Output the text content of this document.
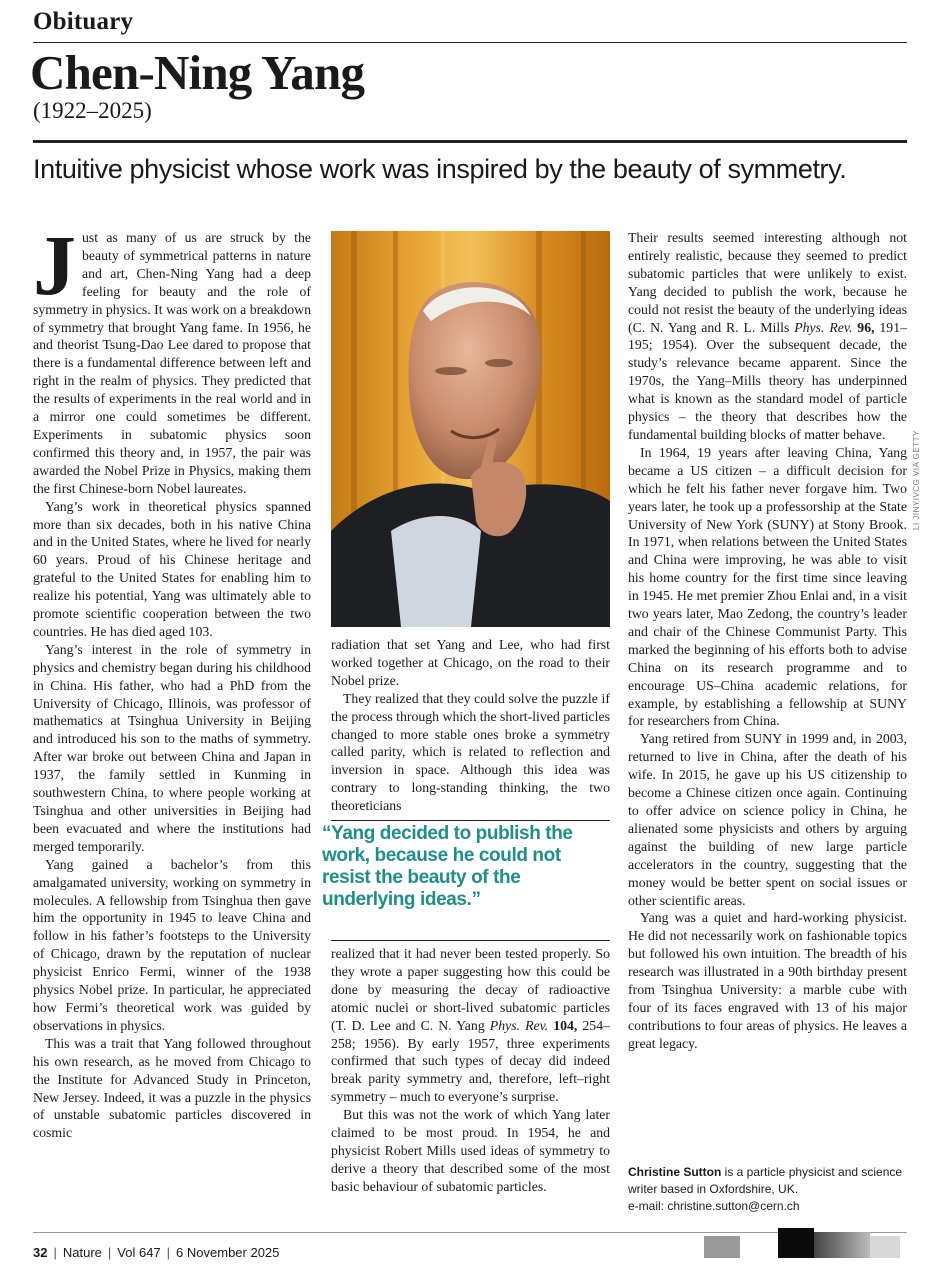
Obituary
Chen-Ning Yang
(1922–2025)
Intuitive physicist whose work was inspired by the beauty of symmetry.

Just as many of us are struck by the beauty of symmetrical patterns in nature and art, Chen-Ning Yang had a deep feeling for beauty and the role of symmetry in physics. It was work on a breakdown of symmetry that brought Yang fame. In 1956, he and theorist Tsung-Dao Lee dared to propose that there is a fundamental difference between left and right in the realm of physics. They predicted that the results of experiments in the real world and in a mirror one could sometimes be different. Experiments in subatomic physics soon confirmed this theory and, in 1957, the pair was awarded the Nobel Prize in Physics, making them the first Chinese-born Nobel laureates.

Yang’s work in theoretical physics spanned more than six decades, both in his native China and in the United States, where he lived for nearly 60 years. Proud of his Chinese heritage and grateful to the United States for enabling him to realize his potential, Yang was ultimately able to promote scientific cooperation between the two countries. He has died aged 103.

Yang’s interest in the role of symmetry in physics and chemistry began during his childhood in China. His father, who had a PhD from the University of Chicago, Illinois, was professor of mathematics at Tsinghua University in Beijing and introduced his son to the maths of symmetry. After war broke out between China and Japan in 1937, the family settled in Kunming in southwestern China, to where people working at Tsinghua and other universities in Beijing had been evacuated and where the institutions had merged temporarily.

Yang gained a bachelor’s from this amalgamated university, working on symmetry in molecules. A fellowship from Tsinghua then gave him the opportunity in 1945 to leave China and follow in his father’s footsteps to the University of Chicago, drawn by the reputation of nuclear physicist Enrico Fermi, winner of the 1938 physics Nobel prize. In particular, he appreciated how Fermi’s theoretical work was guided by observations in physics.

This was a trait that Yang followed throughout his own research, as he moved from Chicago to the Institute for Advanced Study in Princeton, New Jersey. Indeed, it was a puzzle in the physics of unstable subatomic particles discovered in cosmic

LI JINYIVCG VIA GETTY

radiation that set Yang and Lee, who had first worked together at Chicago, on the road to their Nobel prize.

They realized that they could solve the puzzle if the process through which the short-lived particles changed to more stable ones broke a symmetry called parity, which is related to reflection and inversion in space. Although this idea was contrary to long-standing thinking, the two theoreticians

“Yang decided to publish the work, because he could not resist the beauty of the underlying ideas.”

realized that it had never been tested properly. So they wrote a paper suggesting how this could be done by measuring the decay of radioactive atomic nuclei or short-lived subatomic particles (T. D. Lee and C. N. Yang Phys. Rev. 104, 254–258; 1956). By early 1957, three experiments confirmed that such types of decay did indeed break parity symmetry and, therefore, left–right symmetry – much to everyone’s surprise.

But this was not the work of which Yang later claimed to be most proud. In 1954, he and physicist Robert Mills used ideas of symmetry to derive a theory that described some of the most basic behaviour of subatomic particles.

Their results seemed interesting although not entirely realistic, because they seemed to predict subatomic particles that were unlikely to exist. Yang decided to publish the work, because he could not resist the beauty of the underlying ideas (C. N. Yang and R. L. Mills Phys. Rev. 96, 191–195; 1954). Over the subsequent decade, the study’s relevance became apparent. Since the 1970s, the Yang–Mills theory has underpinned what is known as the standard model of particle physics – the theory that describes how the fundamental building blocks of matter behave.

In 1964, 19 years after leaving China, Yang became a US citizen – a difficult decision for which he felt his father never forgave him. Two years later, he took up a professorship at the State University of New York (SUNY) at Stony Brook. In 1971, when relations between the United States and China were improving, he was able to visit his home country for the first time since leaving in 1945. He met premier Zhou Enlai and, in a visit two years later, Mao Zedong, the country’s leader and chair of the Chinese Communist Party. This marked the beginning of his efforts both to advise China on its research programme and to encourage US–China academic relations, for example, by establishing a fellowship at SUNY for researchers from China.

Yang retired from SUNY in 1999 and, in 2003, returned to live in China, after the death of his wife. In 2015, he gave up his US citizenship to become a Chinese citizen once again. Continuing to offer advice on science policy in China, he alienated some physicists and others by arguing against the building of new large particle accelerators in the country, suggesting that the money would be better spent on social issues or other scientific areas.

Yang was a quiet and hard-working physicist. He did not necessarily work on fashionable topics but followed his own intuition. The breadth of his research was illustrated in a 90th birthday present from Tsinghua University: a marble cube with four of its faces engraved with 13 of his major contributions to four areas of physics. He leaves a great legacy.

Christine Sutton is a particle physicist and science writer based in Oxfordshire, UK.
e-mail: christine.sutton@cern.ch
32 | Nature | Vol 647 | 6 November 2025
